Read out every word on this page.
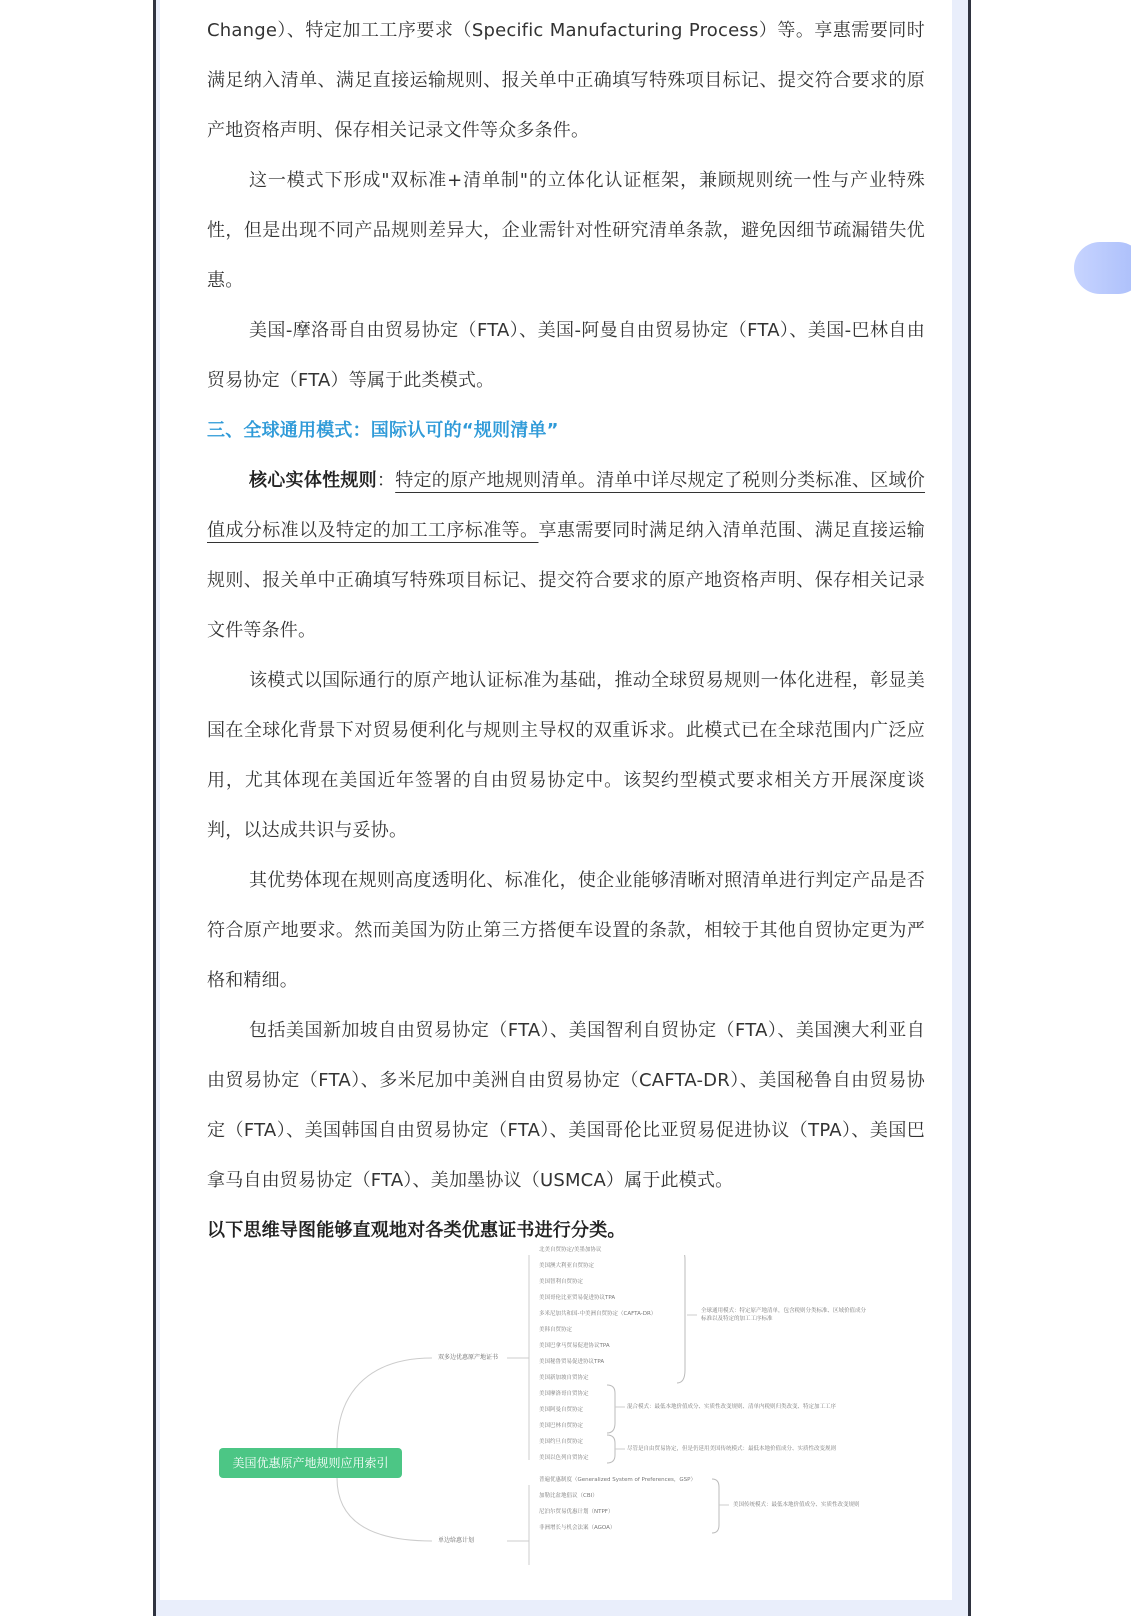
Change）、特定加工工序要求（Specific Manufacturing Process）等。享惠需要同时满足纳入清单、满足直接运输规则、报关单中正确填写特殊项目标记、提交符合要求的原产地资格声明、保存相关记录文件等众多条件。

这一模式下形成"双标准+清单制"的立体化认证框架，兼顾规则统一性与产业特殊性，但是出现不同产品规则差异大，企业需针对性研究清单条款，避免因细节疏漏错失优惠。

美国-摩洛哥自由贸易协定（FTA）、美国-阿曼自由贸易协定（FTA）、美国-巴林自由贸易协定（FTA）等属于此类模式。

三、全球通用模式：国际认可的“规则清单”

核心实体性规则：特定的原产地规则清单。清单中详尽规定了税则分类标准、区域价值成分标准以及特定的加工工序标准等。享惠需要同时满足纳入清单范围、满足直接运输规则、报关单中正确填写特殊项目标记、提交符合要求的原产地资格声明、保存相关记录文件等条件。

该模式以国际通行的原产地认证标准为基础，推动全球贸易规则一体化进程，彰显美国在全球化背景下对贸易便利化与规则主导权的双重诉求。此模式已在全球范围内广泛应用，尤其体现在美国近年签署的自由贸易协定中。该契约型模式要求相关方开展深度谈判，以达成共识与妥协。

其优势体现在规则高度透明化、标准化，使企业能够清晰对照清单进行判定产品是否符合原产地要求。然而美国为防止第三方搭便车设置的条款，相较于其他自贸协定更为严格和精细。

包括美国新加坡自由贸易协定（FTA）、美国智利自贸协定（FTA）、美国澳大利亚自由贸易协定（FTA）、多米尼加中美洲自由贸易协定（CAFTA-DR）、美国秘鲁自由贸易协定（FTA）、美国韩国自由贸易协定（FTA）、美国哥伦比亚贸易促进协议（TPA）、美国巴拿马自由贸易协定（FTA）、美加墨协议（USMCA）属于此模式。

以下思维导图能够直观地对各类优惠证书进行分类。

美国优惠原产地规则应用索引
双多边优惠原产地证书
单边给惠计划
北美自贸协定/美墨加协议
美国澳大利亚自贸协定
美国智利自贸协定
美国哥伦比亚贸易促进协议TPA
多米尼加共和国-中美洲自贸协定（CAFTA-DR）
美韩自贸协定
美国巴拿马贸易促进协议TPA
美国秘鲁贸易促进协议TPA
美国新加坡自贸协定
全球通用模式：特定原产地清单，包含税则分类标准、区域价值成分标准以及特定的加工工序标准
美国摩洛哥自贸协定
美国阿曼自贸协定
美国巴林自贸协定
混合模式：最低本地价值成分、实质性改变规则、清单内税则归类改变、特定加工工序
美国约旦自贸协定
美国以色列自贸协定
尽管是自由贸易协定，但是仍延用美国传统模式：最低本地价值成分、实质性改变规则
普遍优惠制度（Generalized System of Preferences，GSP）
加勒比盆地倡议（CBI）
尼泊尔贸易优惠计划（NTPF）
非洲增长与机会法案（AGOA）
美国传统模式：最低本地价值成分、实质性改变规则
